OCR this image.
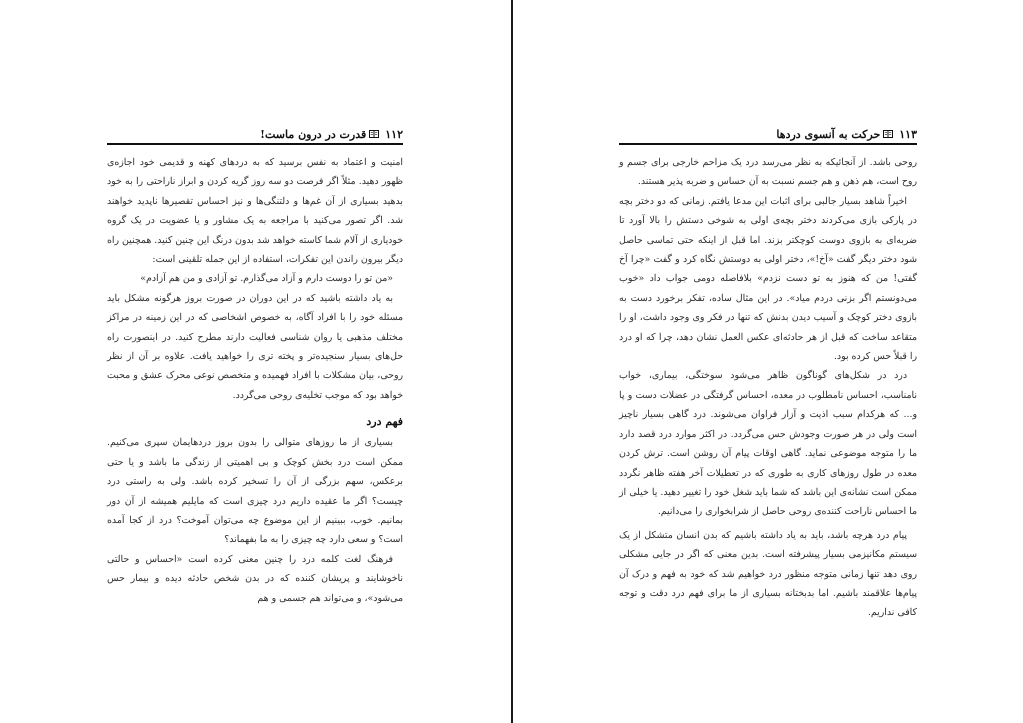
۱۱۲
قدرت در درون ماست!

امنیت و اعتماد به نفس برسید که به دردهای کهنه و قدیمی خود اجازه‌ی ظهور دهید. مثلاً اگر فرصت دو سه روز گریه کردن و ابراز ناراحتی را به خود بدهید بسیاری از آن غم‌ها و دلتنگی‌ها و نیز احساس تقصیرها ناپدید خواهند شد. اگر تصور می‌کنید با مراجعه به یک مشاور و یا عضویت در یک گروه خودیاری از آلام شما کاسته خواهد شد بدون درنگ این چنین کنید. همچنین راه دیگر بیرون راندن این تفکرات، استفاده از این جمله تلقینی است:

«من تو را دوست دارم و آزاد می‌گذارم. تو آزادی و من هم آزادم»

به یاد داشته باشید که در این دوران در صورت بروز هرگونه مشکل باید مسئله خود را با افراد آگاه، به خصوص اشخاصی که در این زمینه در مراکز مختلف مذهبی یا روان شناسی فعالیت دارند مطرح کنید. در اینصورت راه حل‌های بسیار سنجیده‌تر و پخته تری را خواهید یافت. علاوه بر آن از نظر روحی، بیان مشکلات با افراد فهمیده و متخصص نوعی محرک عشق و محبت خواهد بود که موجب تخلیه‌ی روحی می‌گردد.

فهم درد

بسیاری از ما روزهای متوالی را بدون بروز دردهایمان سپری می‌کنیم. ممکن است درد بخش کوچک و بی اهمیتی از زندگی ما باشد و یا حتی برعکس، سهم بزرگی از آن را تسخیر کرده باشد. ولی به راستی درد چیست؟ اگر ما عقیده داریم درد چیزی است که مایلیم همیشه از آن دور بمانیم. خوب، ببینیم از این موضوع چه می‌توان آموخت؟ درد از کجا آمده است؟ و سعی دارد چه چیزی را به ما بفهماند؟

فرهنگ لغت کلمه درد را چنین معنی کرده است «احساس و حالتی ناخوشایند و پریشان کننده که در بدن شخص حادثه دیده و بیمار حس می‌شود»، و می‌تواند هم جسمی و هم

۱۱۳
حرکت به آنسوی دردها

روحی باشد. از آنجائیکه به نظر می‌رسد درد یک مزاحم خارجی برای جسم و روح است، هم ذهن و هم جسم نسبت به آن حساس و ضربه پذیر هستند.

اخیراً شاهد بسیار جالبی برای اثبات این مدعا یافتم. زمانی که دو دختر بچه در پارکی بازی می‌کردند دختر بچه‌ی اولی به شوخی دستش را بالا آورد تا ضربه‌ای به بازوی دوست کوچکتر بزند. اما قبل از اینکه حتی تماسی حاصل شود دختر دیگر گفت «آخ!»، دختر اولی به دوستش نگاه کرد و گفت «چرا آخ گفتی! من که هنوز به تو دست نزدم» بلافاصله دومی جواب داد «خوب می‌دونستم اگر بزنی دردم میاد». در این مثال ساده، تفکر برخورد دست به بازوی دختر کوچک و آسیب دیدن بدنش که تنها در فکر وی وجود داشت، او را متقاعد ساخت که قبل از هر حادثه‌ای عکس العمل نشان دهد، چرا که او درد را قبلاً حس کرده بود.

درد در شکل‌های گوناگون ظاهر می‌شود سوختگی، بیماری، خواب نامناسب، احساس نامطلوب در معده، احساس گرفتگی در عضلات دست و پا و... که هرکدام سبب اذیت و آزار فراوان می‌شوند. درد گاهی بسیار ناچیز است ولی در هر صورت وجودش حس می‌گردد. در اکثر موارد درد قصد دارد ما را متوجه موضوعی نماید. گاهی اوقات پیام آن روشن است. ترش کردن معده در طول روزهای کاری به طوری که در تعطیلات آخر هفته ظاهر نگردد ممکن است نشانه‌ی این باشد که شما باید شغل خود را تغییر دهید. یا خیلی از ما احساس ناراحت کننده‌ی روحی حاصل از شرابخواری را می‌دانیم.

پیام درد هرچه باشد، باید به یاد داشته باشیم که بدن انسان متشکل از یک سیستم مکانیزمی بسیار پیشرفته است. بدین معنی که اگر در جایی مشکلی روی دهد تنها زمانی متوجه منظور درد خواهیم شد که خود به فهم و درک آن پیام‌ها علاقمند باشیم. اما بدبختانه بسیاری از ما برای فهم درد دقت و توجه کافی نداریم.
